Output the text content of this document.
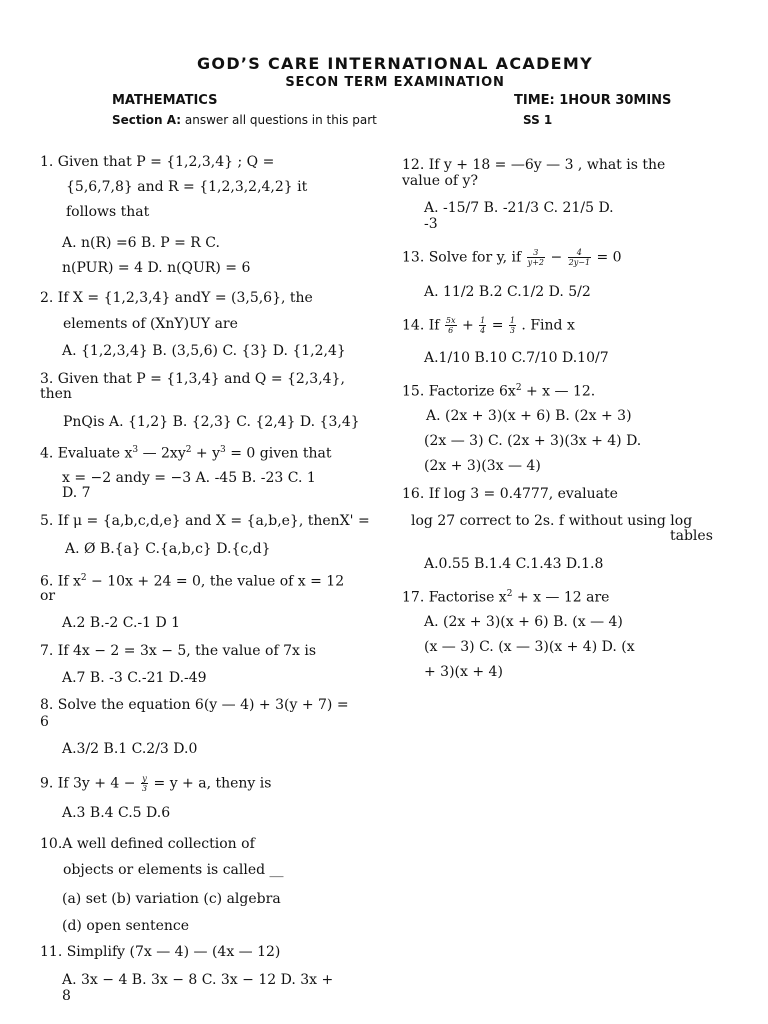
GOD’S CARE INTERNATIONAL ACADEMY
SECON TERM EXAMINATION
MATHEMATICS	TIME: 1HOUR 30MINS
Section A: answer all questions in this part	SS 1
1. Given that P = {1,2,3,4} ; Q =
{5,6,7,8} and R = {1,2,3,2,4,2} it
follows that
A. n(R) =6 B. P = R C.
n(PUR) = 4 D. n(QUR) = 6
2. If X = {1,2,3,4} andY = (3,5,6}, the
elements of (XnY)UY are
A. {1,2,3,4} B. (3,5,6) C. {3} D. {1,2,4}
3. Given that P = {1,3,4} and Q = {2,3,4},
then
PnQis A. {1,2} B. {2,3} C. {2,4} D. {3,4}
4. Evaluate $x^3$ — $2xy^2 + y^3 = 0$ given that
x = −2 andy = −3 A. -45 B. -23 C. 1
D. 7
5. If μ = {a,b,c,d,e} and X = {a,b,e}, thenX' =
A. Ø B.{a} C.{a,b,c} D.{c,d}
6. If $x^2 - 10x + 24 = 0$, the value of x = 12
or
A.2 B.-2 C.-1 D 1
7. If 4x − 2 = 3x − 5, the value of 7x is
A.7 B. -3 C.-21 D.-49
8. Solve the equation 6(y — 4) + 3(y + 7) =
6
A.3/2 B.1 C.2/3 D.0
9. If $3y + 4 - \frac{y}{3} = y + a$, theny is
A.3 B.4 C.5 D.6
10.A well defined collection of
objects or elements is called __
(a) set (b) variation (c) algebra
(d) open sentence
11. Simplify (7x — 4) — (4x — 12)
A. 3x − 4 B. 3x − 8 C. 3x − 12 D. 3x +
8
12. If y + 18 = —6y — 3 , what is the
value of y?
A. -15/7 B. -21/3 C. 21/5 D.
-3
13. Solve for y, if $\frac{3}{y+2} - \frac{4}{2y-1} = 0$
A. 11/2 B.2 C.1/2 D. 5/2
14. If $\frac{5x}{6} + \frac{1}{4} = \frac{1}{3}$ . Find x
A.1/10 B.10 C.7/10 D.10/7
15. Factorize $6x^2 + x$ — 12.
A. (2x + 3)(x + 6) B. (2x + 3)
(2x — 3) C. (2x + 3)(3x + 4) D.
(2x + 3)(3x — 4)
16. If log 3 = 0.4777, evaluate
log 27 correct to 2s. f without using log
tables
A.0.55 B.1.4 C.1.43 D.1.8
17. Factorise $x^2 + x$ — 12 are
A. (2x + 3)(x + 6) B. (x — 4)
(x — 3) C. (x — 3)(x + 4) D. (x
+ 3)(x + 4)
